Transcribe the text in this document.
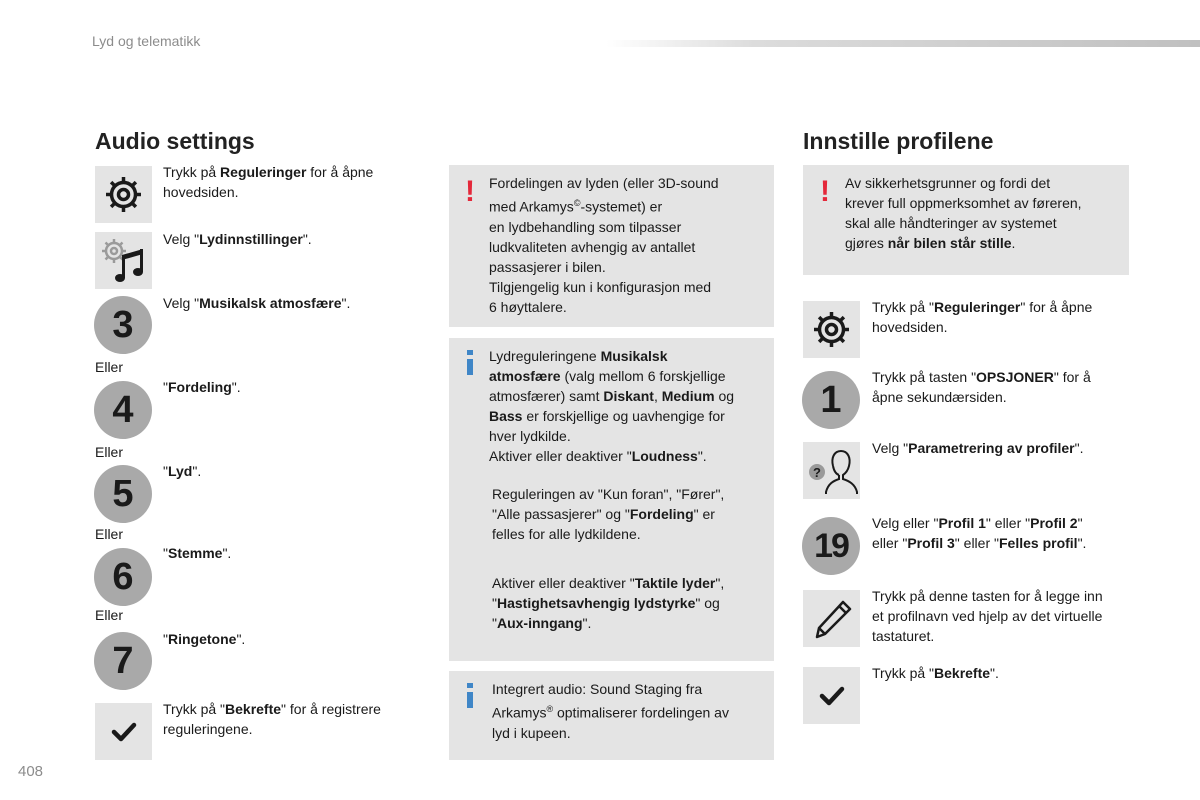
Lyd og telematikk
Audio settings
Trykk på Reguleringer for å åpne
hovedsiden.
Velg "Lydinnstillinger".
3
Velg "Musikalsk atmosfære".
Eller
4
"Fordeling".
Eller
5
"Lyd".
Eller
6
"Stemme".
Eller
7
"Ringetone".
Trykk på "Bekrefte" for å registrere
reguleringene.
! Fordelingen av lyden (eller 3D-sound
med Arkamys©-systemet) er
en lydbehandling som tilpasser
ludkvaliteten avhengig av antallet
passasjerer i bilen.
Tilgjengelig kun i konfigurasjon med
6 høyttalere.
Lydreguleringene Musikalsk
atmosfære (valg mellom 6 forskjellige
atmosfærer) samt Diskant, Medium og
Bass er forskjellige og uavhengige for
hver lydkilde.
Aktiver eller deaktiver "Loudness".
Reguleringen av "Kun foran", "Fører",
"Alle passasjerer" og "Fordeling" er
felles for alle lydkildene.
Aktiver eller deaktiver "Taktile lyder",
"Hastighetsavhengig lydstyrke" og
"Aux-inngang".
Integrert audio: Sound Staging fra
Arkamys® optimaliserer fordelingen av
lyd i kupeen.
Innstille profilene
! Av sikkerhetsgrunner og fordi det
krever full oppmerksomhet av føreren,
skal alle håndteringer av systemet
gjøres når bilen står stille.
Trykk på "Reguleringer" for å åpne
hovedsiden.
1
Trykk på tasten "OPSJONER" for å
åpne sekundærsiden.
?
Velg "Parametrering av profiler".
19
Velg eller "Profil 1" eller "Profil 2"
eller "Profil 3" eller "Felles profil".
Trykk på denne tasten for å legge inn
et profilnavn ved hjelp av det virtuelle
tastaturet.
Trykk på "Bekrefte".
408
